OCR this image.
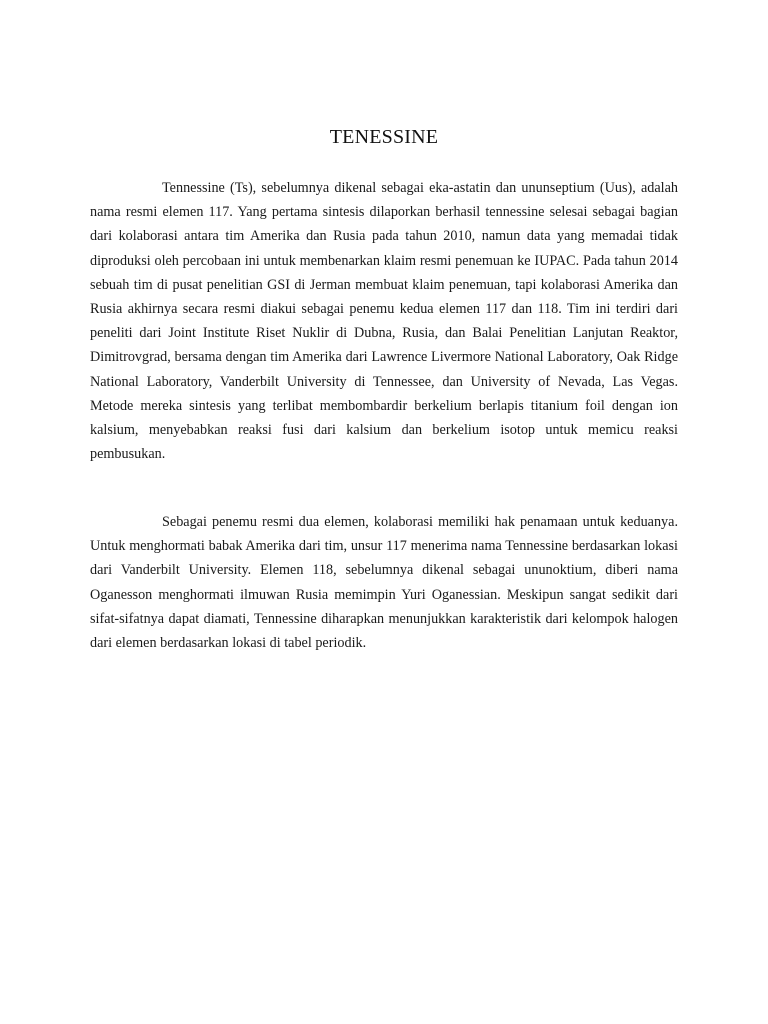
TENESSINE

Tennessine (Ts), sebelumnya dikenal sebagai eka-astatin dan ununseptium (Uus), adalah nama resmi elemen 117. Yang pertama sintesis dilaporkan berhasil tennessine selesai sebagai bagian dari kolaborasi antara tim Amerika dan Rusia pada tahun 2010, namun data yang memadai tidak diproduksi oleh percobaan ini untuk membenarkan klaim resmi penemuan ke IUPAC. Pada tahun 2014 sebuah tim di pusat penelitian GSI di Jerman membuat klaim penemuan, tapi kolaborasi Amerika dan Rusia akhirnya secara resmi diakui sebagai penemu kedua elemen 117 dan 118. Tim ini terdiri dari peneliti dari Joint Institute Riset Nuklir di Dubna, Rusia, dan Balai Penelitian Lanjutan Reaktor, Dimitrovgrad, bersama dengan tim Amerika dari Lawrence Livermore National Laboratory, Oak Ridge National Laboratory, Vanderbilt University di Tennessee, dan University of Nevada, Las Vegas. Metode mereka sintesis yang terlibat membombardir berkelium berlapis titanium foil dengan ion kalsium, menyebabkan reaksi fusi dari kalsium dan berkelium isotop untuk memicu reaksi pembusukan.

Sebagai penemu resmi dua elemen, kolaborasi memiliki hak penamaan untuk keduanya. Untuk menghormati babak Amerika dari tim, unsur 117 menerima nama Tennessine berdasarkan lokasi dari Vanderbilt University. Elemen 118, sebelumnya dikenal sebagai ununoktium, diberi nama Oganesson menghormati ilmuwan Rusia memimpin Yuri Oganessian. Meskipun sangat sedikit dari sifat-sifatnya dapat diamati, Tennessine diharapkan menunjukkan karakteristik dari kelompok halogen dari elemen berdasarkan lokasi di tabel periodik.
